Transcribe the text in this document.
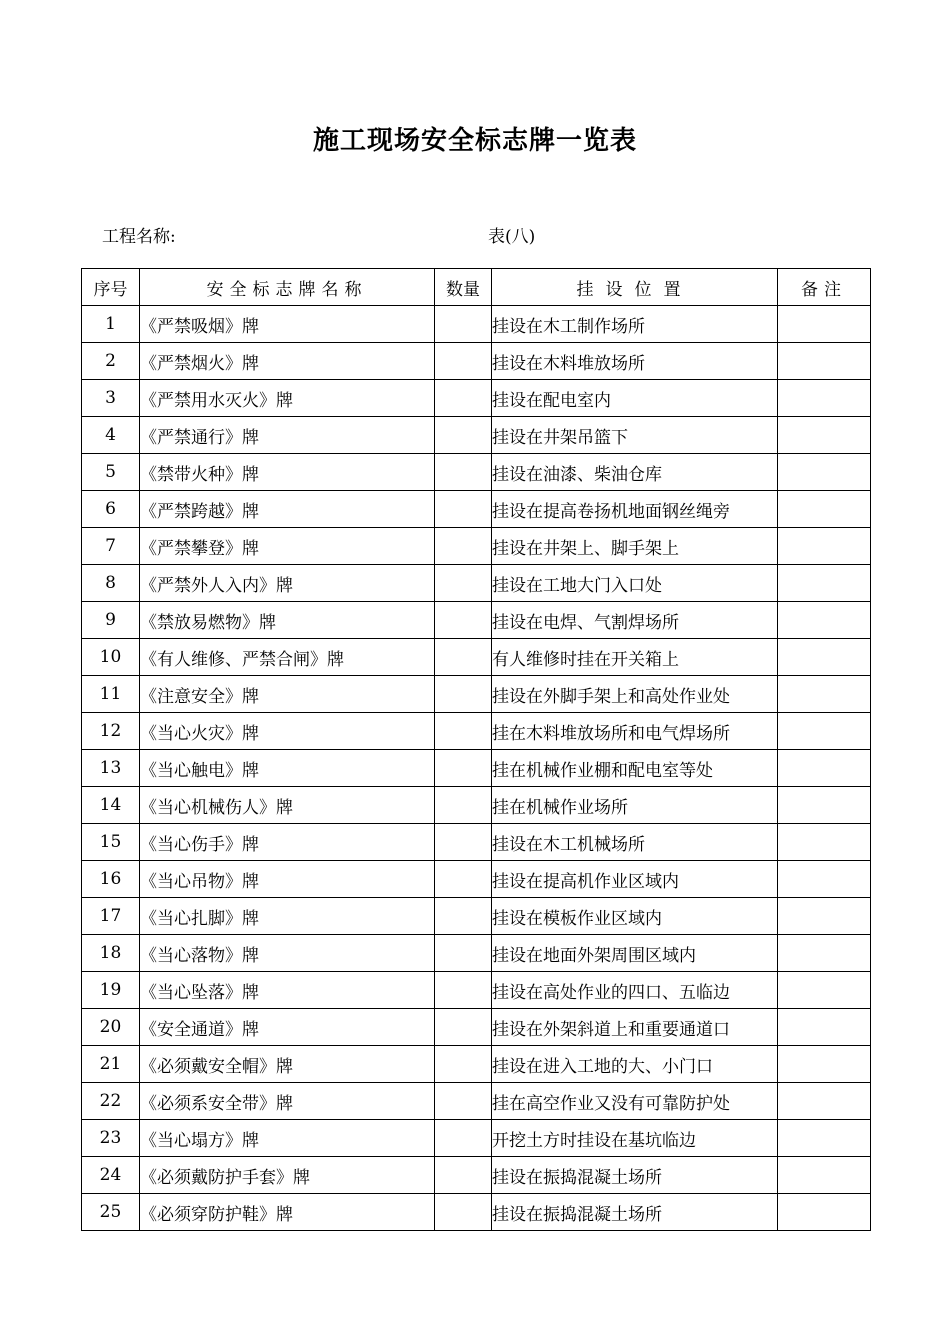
施工现场安全标志牌一览表
工程名称:	表(八)
序号	安全标志牌名称	数量	挂设位置	备注
1	《严禁吸烟》牌		挂设在木工制作场所	
2	《严禁烟火》牌		挂设在木料堆放场所	
3	《严禁用水灭火》牌		挂设在配电室内	
4	《严禁通行》牌		挂设在井架吊篮下	
5	《禁带火种》牌		挂设在油漆、柴油仓库	
6	《严禁跨越》牌		挂设在提高卷扬机地面钢丝绳旁	
7	《严禁攀登》牌		挂设在井架上、脚手架上	
8	《严禁外人入内》牌		挂设在工地大门入口处	
9	《禁放易燃物》牌		挂设在电焊、气割焊场所	
10	《有人维修、严禁合闸》牌		有人维修时挂在开关箱上	
11	《注意安全》牌		挂设在外脚手架上和高处作业处	
12	《当心火灾》牌		挂在木料堆放场所和电气焊场所	
13	《当心触电》牌		挂在机械作业棚和配电室等处	
14	《当心机械伤人》牌		挂在机械作业场所	
15	《当心伤手》牌		挂设在木工机械场所	
16	《当心吊物》牌		挂设在提高机作业区域内	
17	《当心扎脚》牌		挂设在模板作业区域内	
18	《当心落物》牌		挂设在地面外架周围区域内	
19	《当心坠落》牌		挂设在高处作业的四口、五临边	
20	《安全通道》牌		挂设在外架斜道上和重要通道口	
21	《必须戴安全帽》牌		挂设在进入工地的大、小门口	
22	《必须系安全带》牌		挂在高空作业又没有可靠防护处	
23	《当心塌方》牌		开挖土方时挂设在基坑临边	
24	《必须戴防护手套》牌		挂设在振捣混凝土场所	
25	《必须穿防护鞋》牌		挂设在振捣混凝土场所	
